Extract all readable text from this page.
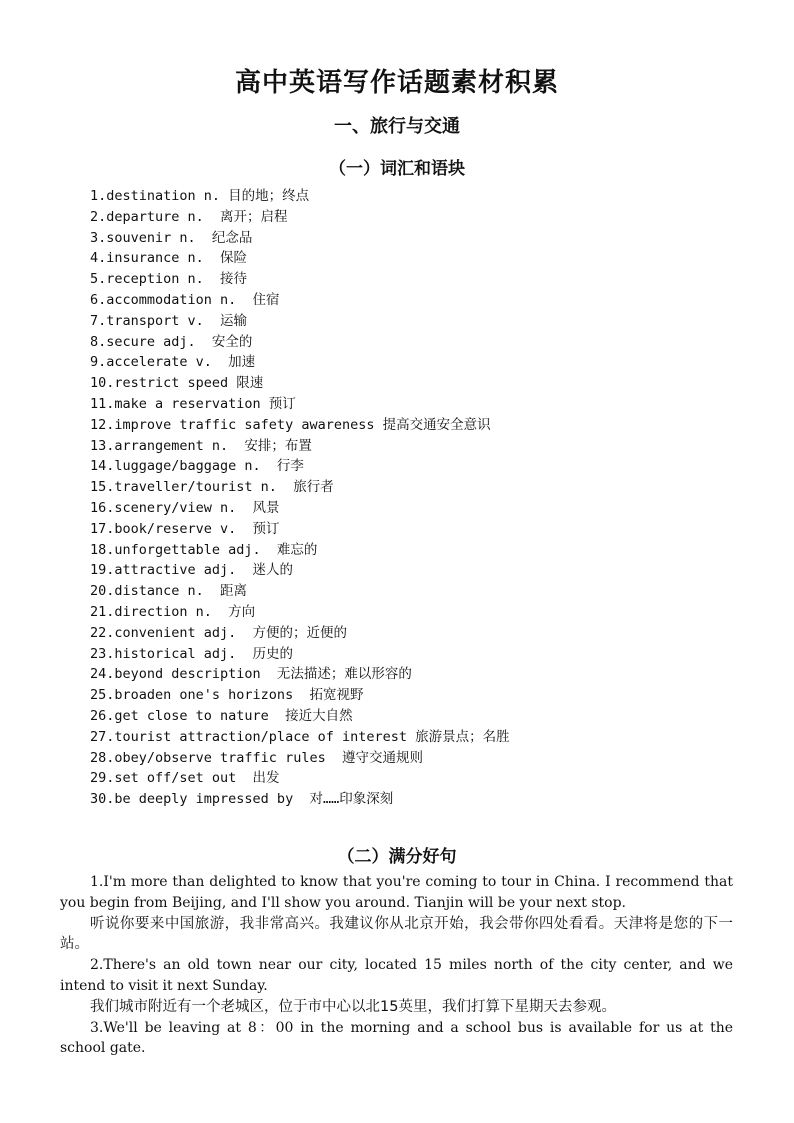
高中英语写作话题素材积累
一、旅行与交通
（一）词汇和语块
1.destination n. 目的地；终点
2.departure n.  离开；启程
3.souvenir n.  纪念品
4.insurance n.  保险
5.reception n.  接待
6.accommodation n.  住宿
7.transport v.  运输
8.secure adj.  安全的
9.accelerate v.  加速
10.restrict speed 限速
11.make a reservation 预订
12.improve traffic safety awareness 提高交通安全意识
13.arrangement n.  安排；布置
14.luggage/baggage n.  行李
15.traveller/tourist n.  旅行者
16.scenery/view n.  风景
17.book/reserve v.  预订
18.unforgettable adj.  难忘的
19.attractive adj.  迷人的
20.distance n.  距离
21.direction n.  方向
22.convenient adj.  方便的；近便的
23.historical adj.  历史的
24.beyond description  无法描述；难以形容的
25.broaden one's horizons  拓宽视野
26.get close to nature  接近大自然
27.tourist attraction/place of interest 旅游景点；名胜
28.obey/observe traffic rules  遵守交通规则
29.set off/set out  出发
30.be deeply impressed by  对……印象深刻
（二）满分好句

1.I'm more than delighted to know that you're coming to tour in China. I recommend that you begin from Beijing, and I'll show you around. Tianjin will be your next stop.

听说你要来中国旅游，我非常高兴。我建议你从北京开始，我会带你四处看看。天津将是您的下一站。

2.There's an old town near our city, located 15 miles north of the city center, and we intend to visit it next Sunday.

我们城市附近有一个老城区，位于市中心以北15英里，我们打算下星期天去参观。

3.We'll be leaving at 8：00 in the morning and a school bus is available for us at the school gate.
